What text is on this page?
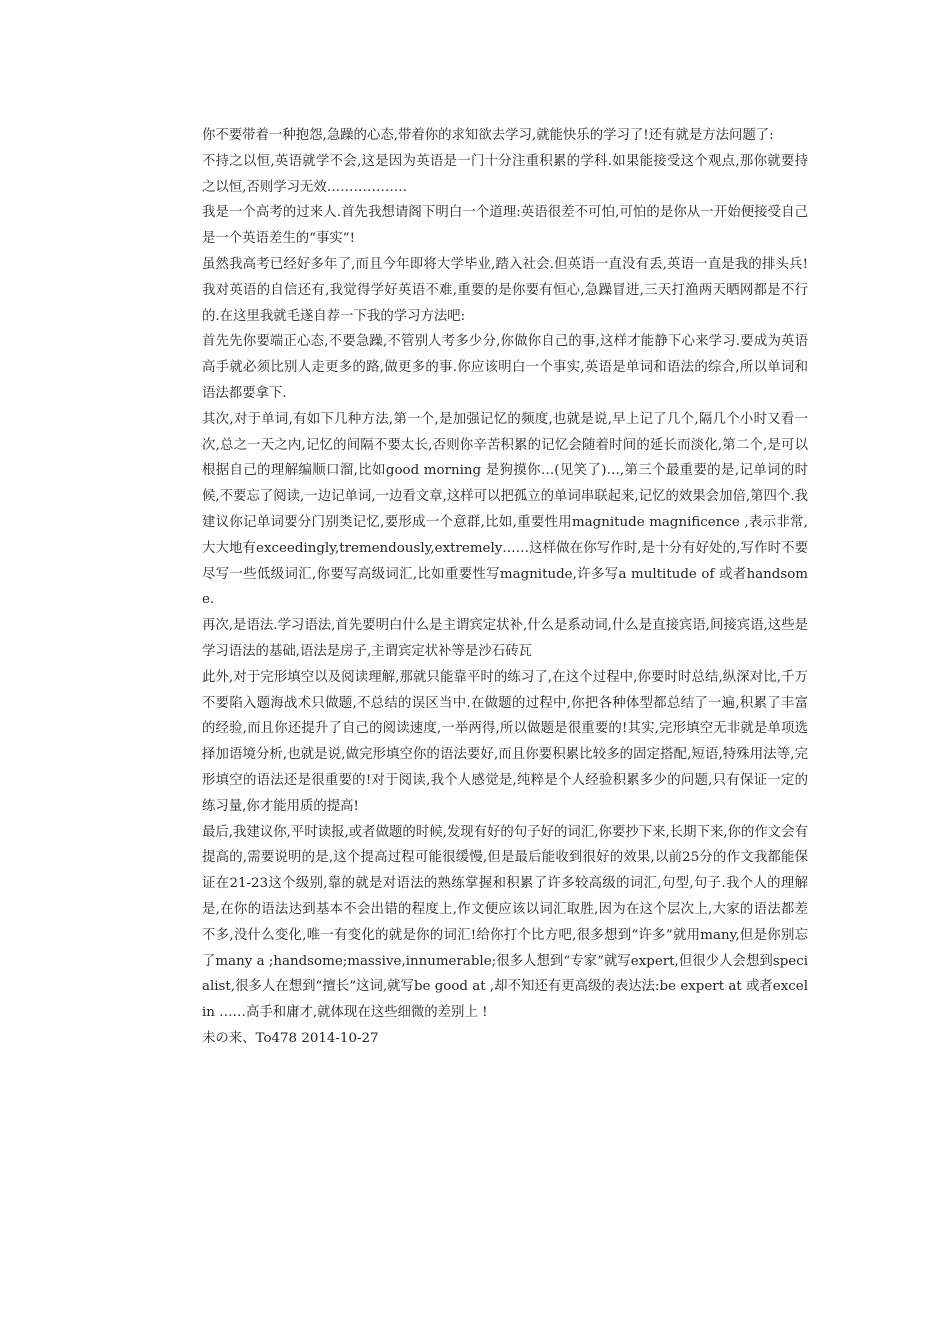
你不要带着一种抱怨,急躁的心态,带着你的求知欲去学习,就能快乐的学习了!还有就是方法问题了:

不持之以恒,英语就学不会,这是因为英语是一门十分注重积累的学科.如果能接受这个观点,那你就要持之以恒,否则学习无效………………

我是一个高考的过来人.首先我想请阁下明白一个道理:英语很差不可怕,可怕的是你从一开始便接受自己是一个英语差生的“事实”!

虽然我高考已经好多年了,而且今年即将大学毕业,踏入社会.但英语一直没有丢,英语一直是我的排头兵!我对英语的自信还有,我觉得学好英语不难,重要的是你要有恒心,急躁冒进,三天打渔两天晒网都是不行的.在这里我就毛遂自荐一下我的学习方法吧:

首先先你要端正心态,不要急躁,不管别人考多少分,你做你自己的事,这样才能静下心来学习.要成为英语高手就必须比别人走更多的路,做更多的事.你应该明白一个事实,英语是单词和语法的综合,所以单词和语法都要拿下.

其次,对于单词,有如下几种方法,第一个,是加强记忆的频度,也就是说,早上记了几个,隔几个小时又看一次,总之一天之内,记忆的间隔不要太长,否则你辛苦积累的记忆会随着时间的延长而淡化,第二个,是可以根据自己的理解编顺口溜,比如good morning 是狗摸你…(见笑了)…,第三个最重要的是,记单词的时候,不要忘了阅读,一边记单词,一边看文章,这样可以把孤立的单词串联起来,记忆的效果会加倍,第四个.我建议你记单词要分门别类记忆,要形成一个意群,比如,重要性用magnitude magnificence ,表示非常,大大地有exceedingly,tremendously,extremely……这样做在你写作时,是十分有好处的,写作时不要尽写一些低级词汇,你要写高级词汇,比如重要性写magnitude,许多写a multitude of 或者handsome.

再次,是语法.学习语法,首先要明白什么是主谓宾定状补,什么是系动词,什么是直接宾语,间接宾语,这些是学习语法的基础,语法是房子,主谓宾定状补等是沙石砖瓦

此外,对于完形填空以及阅读理解,那就只能靠平时的练习了,在这个过程中,你要时时总结,纵深对比,千万不要陷入题海战术只做题,不总结的误区当中.在做题的过程中,你把各种体型都总结了一遍,积累了丰富的经验,而且你还提升了自己的阅读速度,一举两得,所以做题是很重要的!其实,完形填空无非就是单项选择加语境分析,也就是说,做完形填空你的语法要好,而且你要积累比较多的固定搭配,短语,特殊用法等,完形填空的语法还是很重要的!对于阅读,我个人感觉是,纯粹是个人经验积累多少的问题,只有保证一定的练习量,你才能用质的提高!

最后,我建议你,平时读报,或者做题的时候,发现有好的句子好的词汇,你要抄下来,长期下来,你的作文会有提高的,需要说明的是,这个提高过程可能很缓慢,但是最后能收到很好的效果,以前25分的作文我都能保证在21-23这个级别,靠的就是对语法的熟练掌握和积累了许多较高级的词汇,句型,句子.我个人的理解是,在你的语法达到基本不会出错的程度上,作文便应该以词汇取胜,因为在这个层次上,大家的语法都差不多,没什么变化,唯一有变化的就是你的词汇!给你打个比方吧,很多想到“许多”就用many,但是你别忘了many a ;handsome;massive,innumerable;很多人想到“专家”就写expert,但很少人会想到specialist,很多人在想到“擅长”这词,就写be good at ,却不知还有更高级的表达法:be expert at 或者excel in ……高手和庸才,就体现在这些细微的差别上 !

未の来、To478 2014-10-27
